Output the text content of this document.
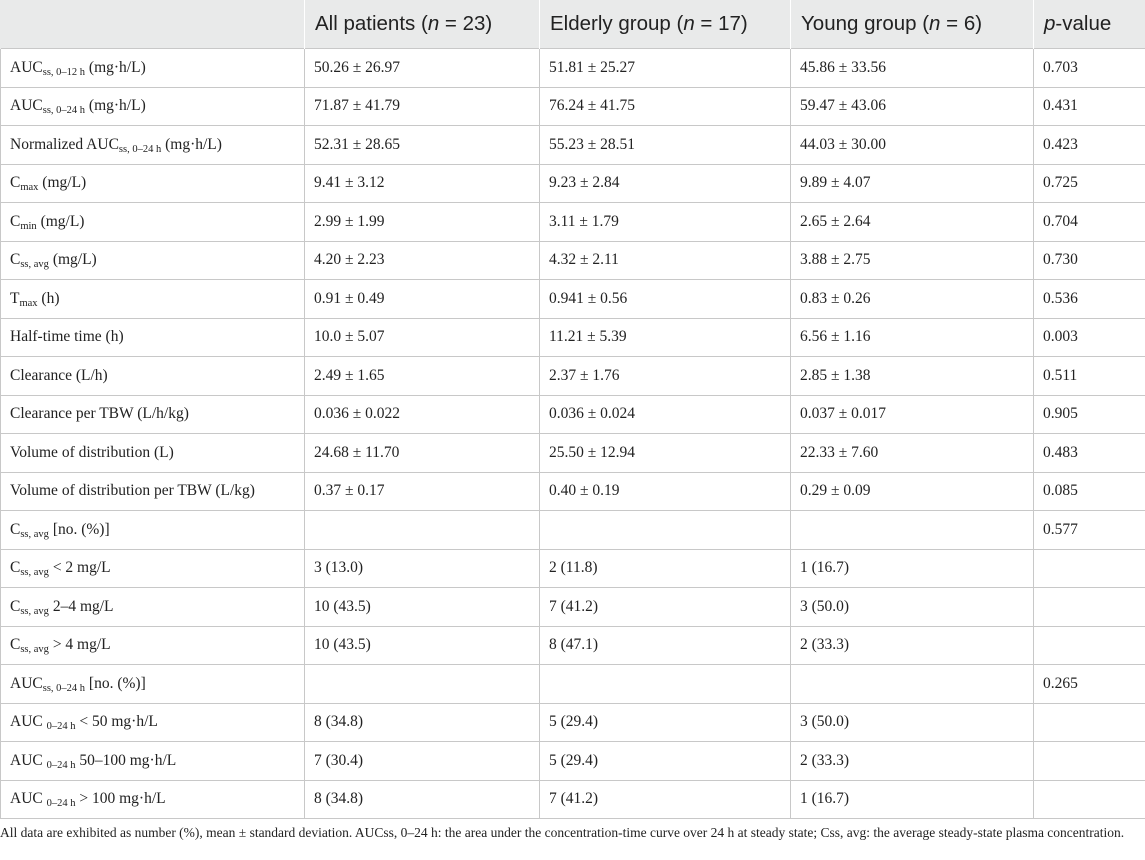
	All patients (n = 23)	Elderly group (n = 17)	Young group (n = 6)	p-value
$AUC_{ss, 0-12 h}$ (mg·h/L)	50.26 ± 26.97	51.81 ± 25.27	45.86 ± 33.56	0.703
$AUC_{ss, 0-24 h}$ (mg·h/L)	71.87 ± 41.79	76.24 ± 41.75	59.47 ± 43.06	0.431
Normalized $AUC_{ss, 0-24 h}$ (mg·h/L)	52.31 ± 28.65	55.23 ± 28.51	44.03 ± 30.00	0.423
$C_{max}$ (mg/L)	9.41 ± 3.12	9.23 ± 2.84	9.89 ± 4.07	0.725
$C_{min}$ (mg/L)	2.99 ± 1.99	3.11 ± 1.79	2.65 ± 2.64	0.704
$C_{ss, avg}$ (mg/L)	4.20 ± 2.23	4.32 ± 2.11	3.88 ± 2.75	0.730
$T_{max}$ (h)	0.91 ± 0.49	0.941 ± 0.56	0.83 ± 0.26	0.536
Half-time time (h)	10.0 ± 5.07	11.21 ± 5.39	6.56 ± 1.16	0.003
Clearance (L/h)	2.49 ± 1.65	2.37 ± 1.76	2.85 ± 1.38	0.511
Clearance per TBW (L/h/kg)	0.036 ± 0.022	0.036 ± 0.024	0.037 ± 0.017	0.905
Volume of distribution (L)	24.68 ± 11.70	25.50 ± 12.94	22.33 ± 7.60	0.483
Volume of distribution per TBW (L/kg)	0.37 ± 0.17	0.40 ± 0.19	0.29 ± 0.09	0.085
$C_{ss, avg}$ [no. (%)]				0.577
$C_{ss, avg} < 2$ mg/L	3 (13.0)	2 (11.8)	1 (16.7)	
$C_{ss, avg}$ 2–4 mg/L	10 (43.5)	7 (41.2)	3 (50.0)	
$C_{ss, avg} > 4$ mg/L	10 (43.5)	8 (47.1)	2 (33.3)	
$AUC_{ss, 0-24 h}$ [no. (%)]				0.265
AUC $_{0-24 h}$ < 50 mg·h/L	8 (34.8)	5 (29.4)	3 (50.0)	
AUC $_{0-24 h}$ 50–100 mg·h/L	7 (30.4)	5 (29.4)	2 (33.3)	
AUC $_{0-24 h}$ > 100 mg·h/L	8 (34.8)	7 (41.2)	1 (16.7)	
All data are exhibited as number (%), mean ± standard deviation. AUCss, 0–24 h: the area under the concentration-time curve over 24 h at steady state; Css, avg: the average steady-state plasma concentration.
